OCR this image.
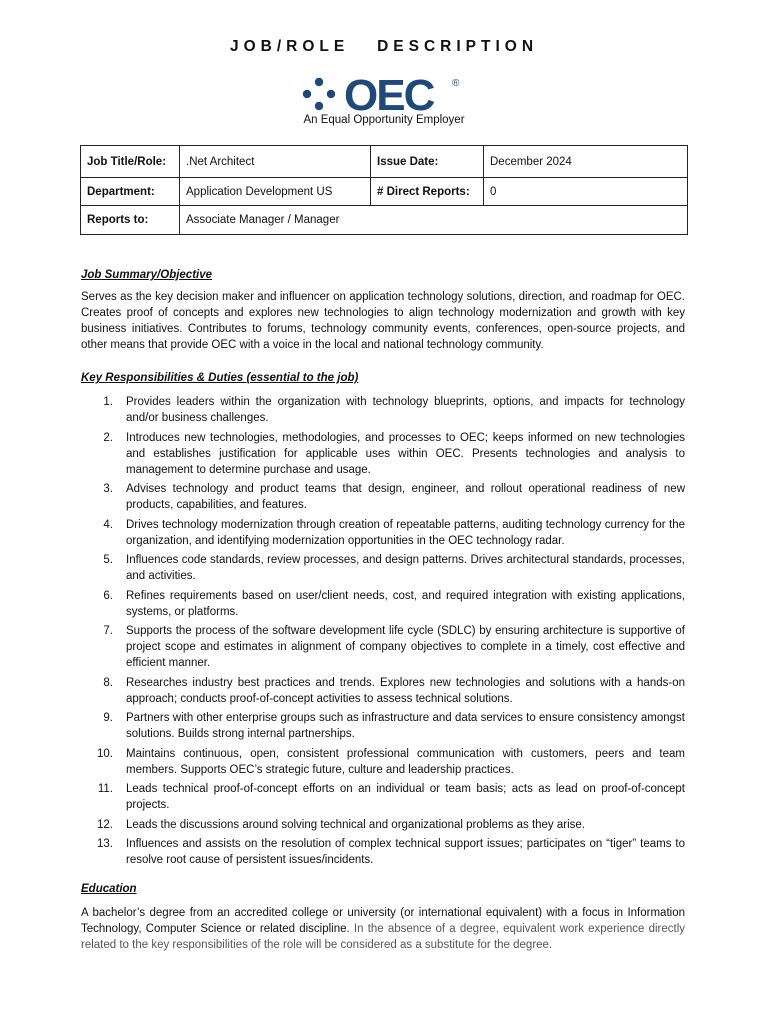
JOB/ROLE   DESCRIPTION
OEC ®
An Equal Opportunity Employer
Job Title/Role:	.Net Architect	Issue Date:	December 2024
Department:	Application Development US	# Direct Reports:	0
Reports to:	Associate Manager / Manager		
Job Summary/Objective
Serves as the key decision maker and influencer on application technology solutions, direction, and roadmap for OEC. Creates proof of concepts and explores new technologies to align technology modernization and growth with key business initiatives. Contributes to forums, technology community events, conferences, open-source projects, and other means that provide OEC with a voice in the local and national technology community.
Key Responsibilities & Duties (essential to the job)
1. Provides leaders within the organization with technology blueprints, options, and impacts for technology and/or business challenges.
2. Introduces new technologies, methodologies, and processes to OEC; keeps informed on new technologies and establishes justification for applicable uses within OEC. Presents technologies and analysis to management to determine purchase and usage.
3. Advises technology and product teams that design, engineer, and rollout operational readiness of new products, capabilities, and features.
4. Drives technology modernization through creation of repeatable patterns, auditing technology currency for the organization, and identifying modernization opportunities in the OEC technology radar.
5. Influences code standards, review processes, and design patterns. Drives architectural standards, processes, and activities.
6. Refines requirements based on user/client needs, cost, and required integration with existing applications, systems, or platforms.
7. Supports the process of the software development life cycle (SDLC) by ensuring architecture is supportive of project scope and estimates in alignment of company objectives to complete in a timely, cost effective and efficient manner.
8. Researches industry best practices and trends. Explores new technologies and solutions with a hands-on approach; conducts proof-of-concept activities to assess technical solutions.
9. Partners with other enterprise groups such as infrastructure and data services to ensure consistency amongst solutions. Builds strong internal partnerships.
10. Maintains continuous, open, consistent professional communication with customers, peers and team members. Supports OEC’s strategic future, culture and leadership practices.
11. Leads technical proof-of-concept efforts on an individual or team basis; acts as lead on proof-of-concept projects.
12. Leads the discussions around solving technical and organizational problems as they arise.
13. Influences and assists on the resolution of complex technical support issues; participates on “tiger” teams to resolve root cause of persistent issues/incidents.
Education
A bachelor’s degree from an accredited college or university (or international equivalent) with a focus in Information Technology, Computer Science or related discipline. In the absence of a degree, equivalent work experience directly related to the key responsibilities of the role will be considered as a substitute for the degree.
